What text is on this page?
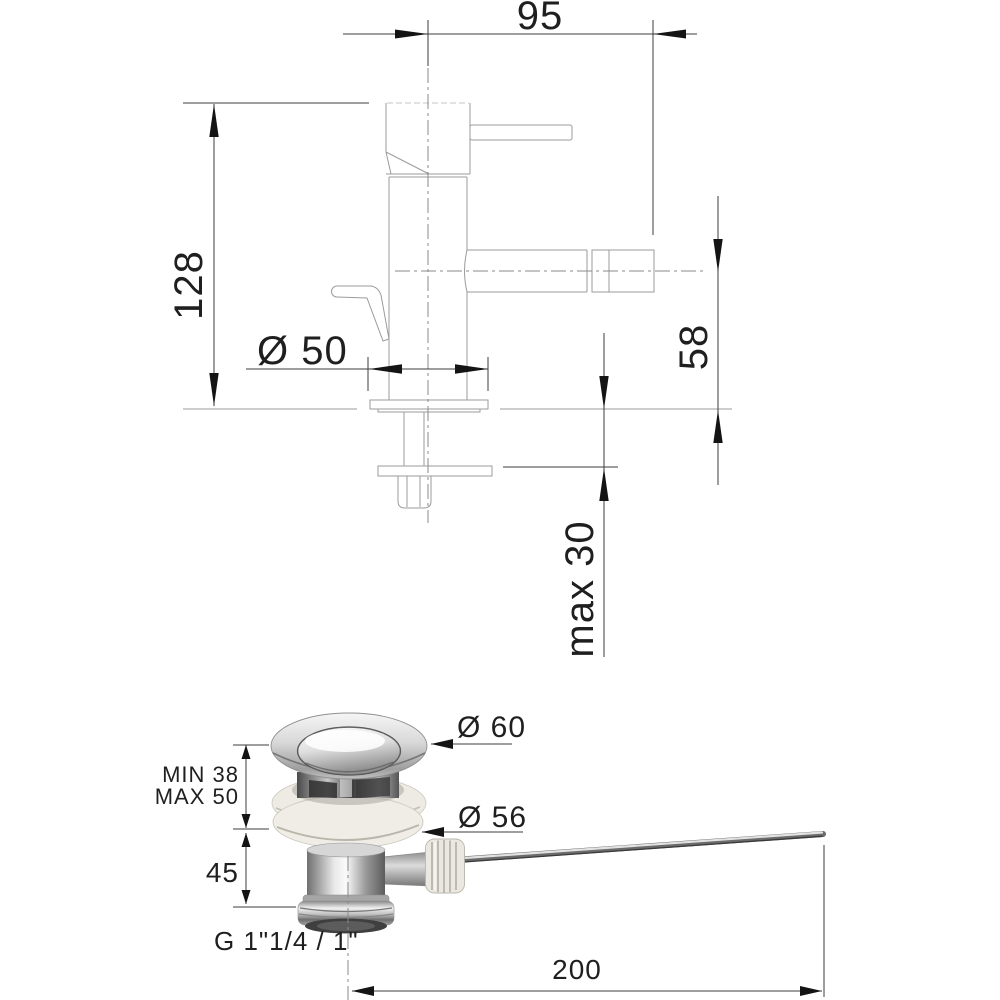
95
128
Ø 50	58
max 30
Ø 60
MIN 38
MAX 50
Ø 56
45
G 1"1/4 / 1"
200
